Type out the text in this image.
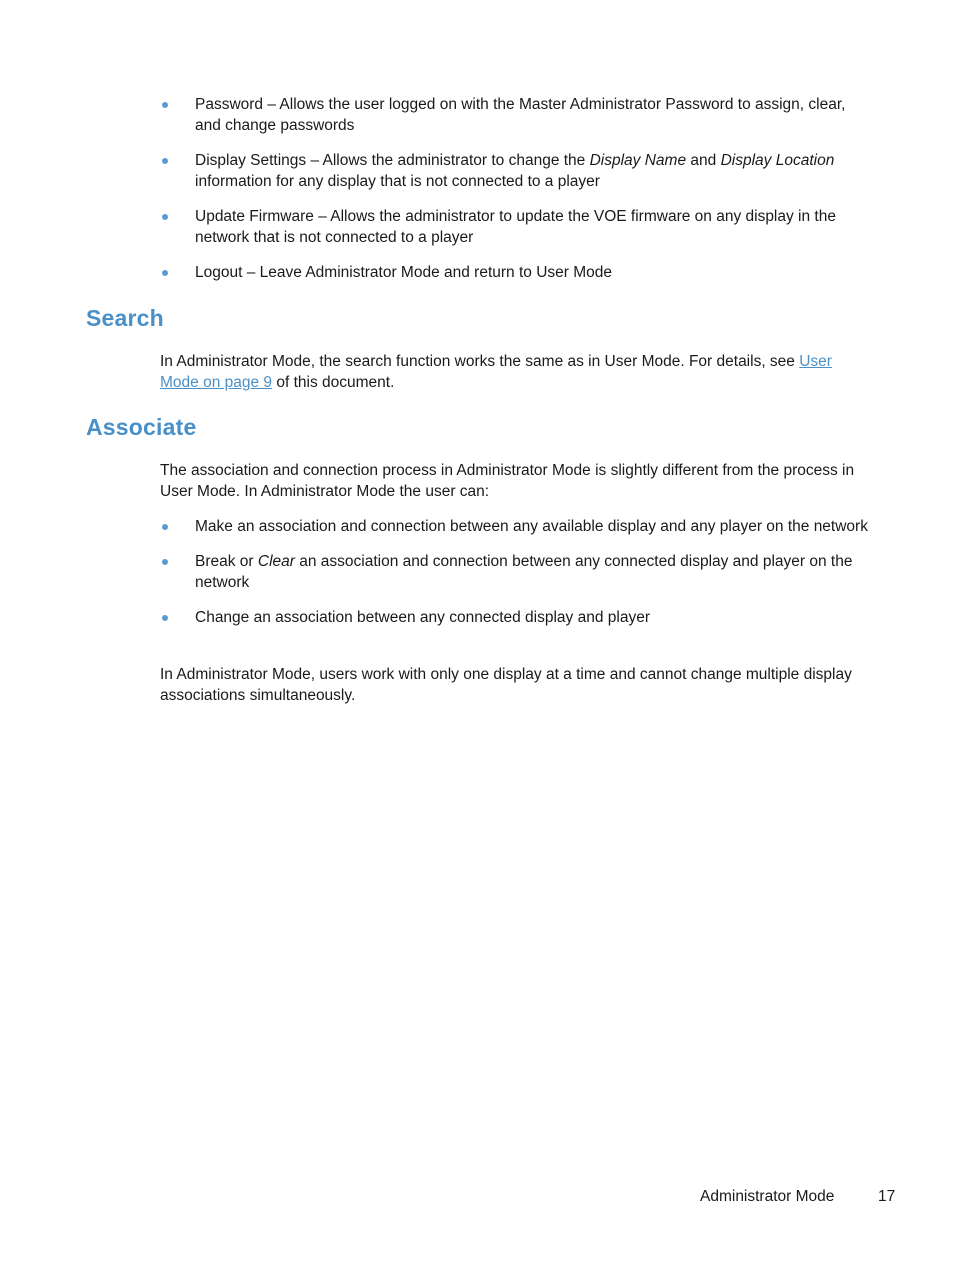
Password – Allows the user logged on with the Master Administrator Password to assign, clear, and change passwords
Display Settings – Allows the administrator to change the Display Name and Display Location information for any display that is not connected to a player
Update Firmware – Allows the administrator to update the VOE firmware on any display in the network that is not connected to a player
Logout – Leave Administrator Mode and return to User Mode
Search

In Administrator Mode, the search function works the same as in User Mode. For details, see User Mode on page 9 of this document.

Associate

The association and connection process in Administrator Mode is slightly different from the process in User Mode. In Administrator Mode the user can:

Make an association and connection between any available display and any player on the network
Break or Clear an association and connection between any connected display and player on the network
Change an association between any connected display and player

In Administrator Mode, users work with only one display at a time and cannot change multiple display associations simultaneously.

Administrator Mode	17
